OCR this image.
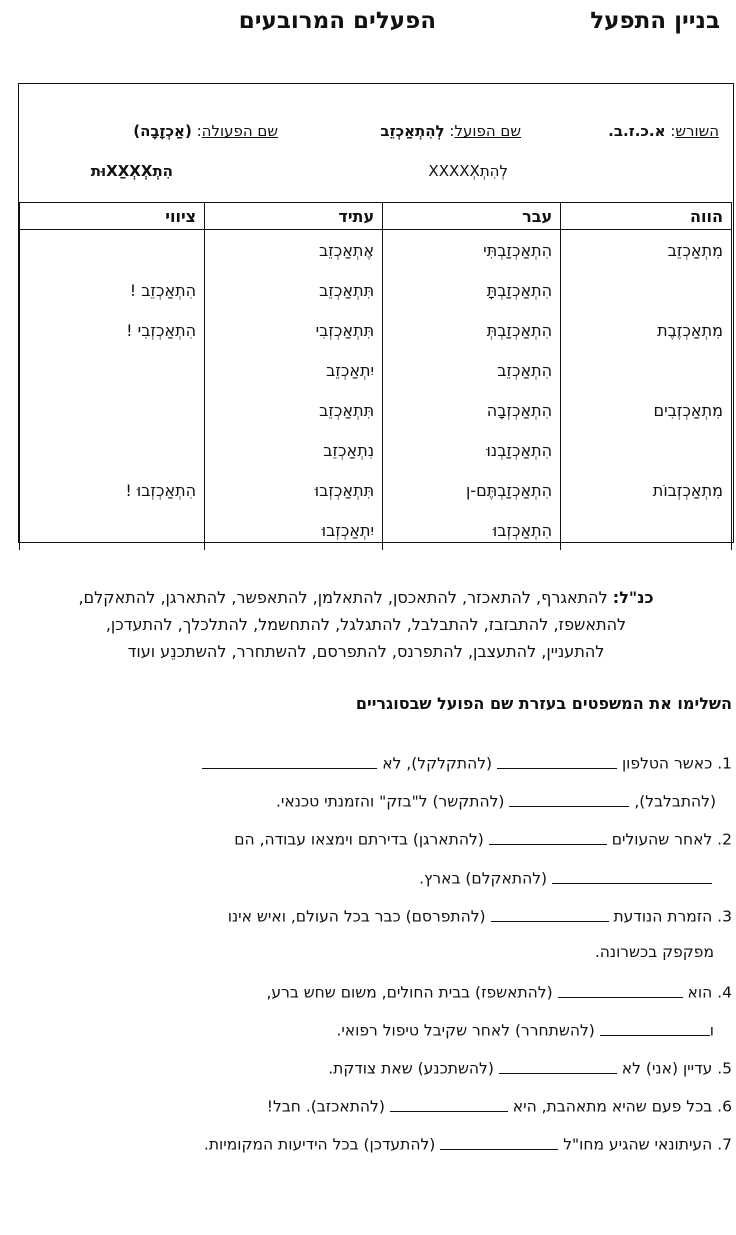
בניין התפעל
הפעלים המרובעים
השורש: א.כ.ז.ב.
שם הפועל: לְהִתְאַכְזֵב
לְהִתְXXXXְX
שם הפעולה: (אַכְזָבָה)
הִתְXַXְXְXוּת
הווה	עבר	עתיד	ציווי
מִתְאַכְזֵב	הִתְאַכְזַבְתִּי	אֶתְאַכְזֵב	
	הִתְאַכְזַבְתָּ	תִּתְאַכְזֵב	הִתְאַכְזֵב !
מִתְאַכְזֶבֶת	הִתְאַכְזַבְתְּ	תִּתְאַכְזְבִי	הִתְאַכְזְבִי !
	הִתְאַכְזֵב	יִתְאַכְזֵב	
מִתְאַכְזְבִים	הִתְאַכְזְבָה	תִּתְאַכְזֵב	
	הִתְאַכְזַבְנוּ	נִתְאַכְזֵב	
מִתְאַכְזְבוֹת	הִתְאַכְזַבְתֶּם-ן	תִּתְאַכְזְבוּ	הִתְאַכְזְבוּ !
	הִתְאַכְזְבוּ	יִתְאַכְזְבוּ	
כנ"ל: להתאגרף, להתאכזר, להתאכסן, להתאלמן, להתאפשר, להתארגן, להתאקלם,
להתאשפז, להתבזבז, להתבלבל, להתגלגל, להתחשמל, להתלכלך, להתעדכן,
להתעניין, להתעצבן, להתפרנס, להתפרסם, להשתחרר, להשתכנֵע ועוד
השלימו את המשפטים בעזרת שם הפועל שבסוגריים
1. כאשר הטלפון  (להתקלקל), לא
(להתבלבל),  (להתקשר) ל"בזק" והזמנתי טכנאי.
2. לאחר שהעולים  (להתארגן) בדירתם וימצאו עבודה, הם
(להתאקלם) בארץ.
3. הזמרת הנודעת  (להתפרסם) כבר בכל העולם, ואיש אינו
מפקפק בכשרונה.
4. הוא  (להתאשפז) בבית החולים, משום שחש ברע,
ו (להשתחרר) לאחר שקיבל טיפול רפואי.
5. עדיין (אני) לא  (להשתכנע) שאת צודקת.
6. בכל פעם שהיא מתאהבת, היא  (להתאכזב). חבל!
7. העיתונאי שהגיע מחו"ל  (להתעדכן) בכל הידיעות המקומיות.
